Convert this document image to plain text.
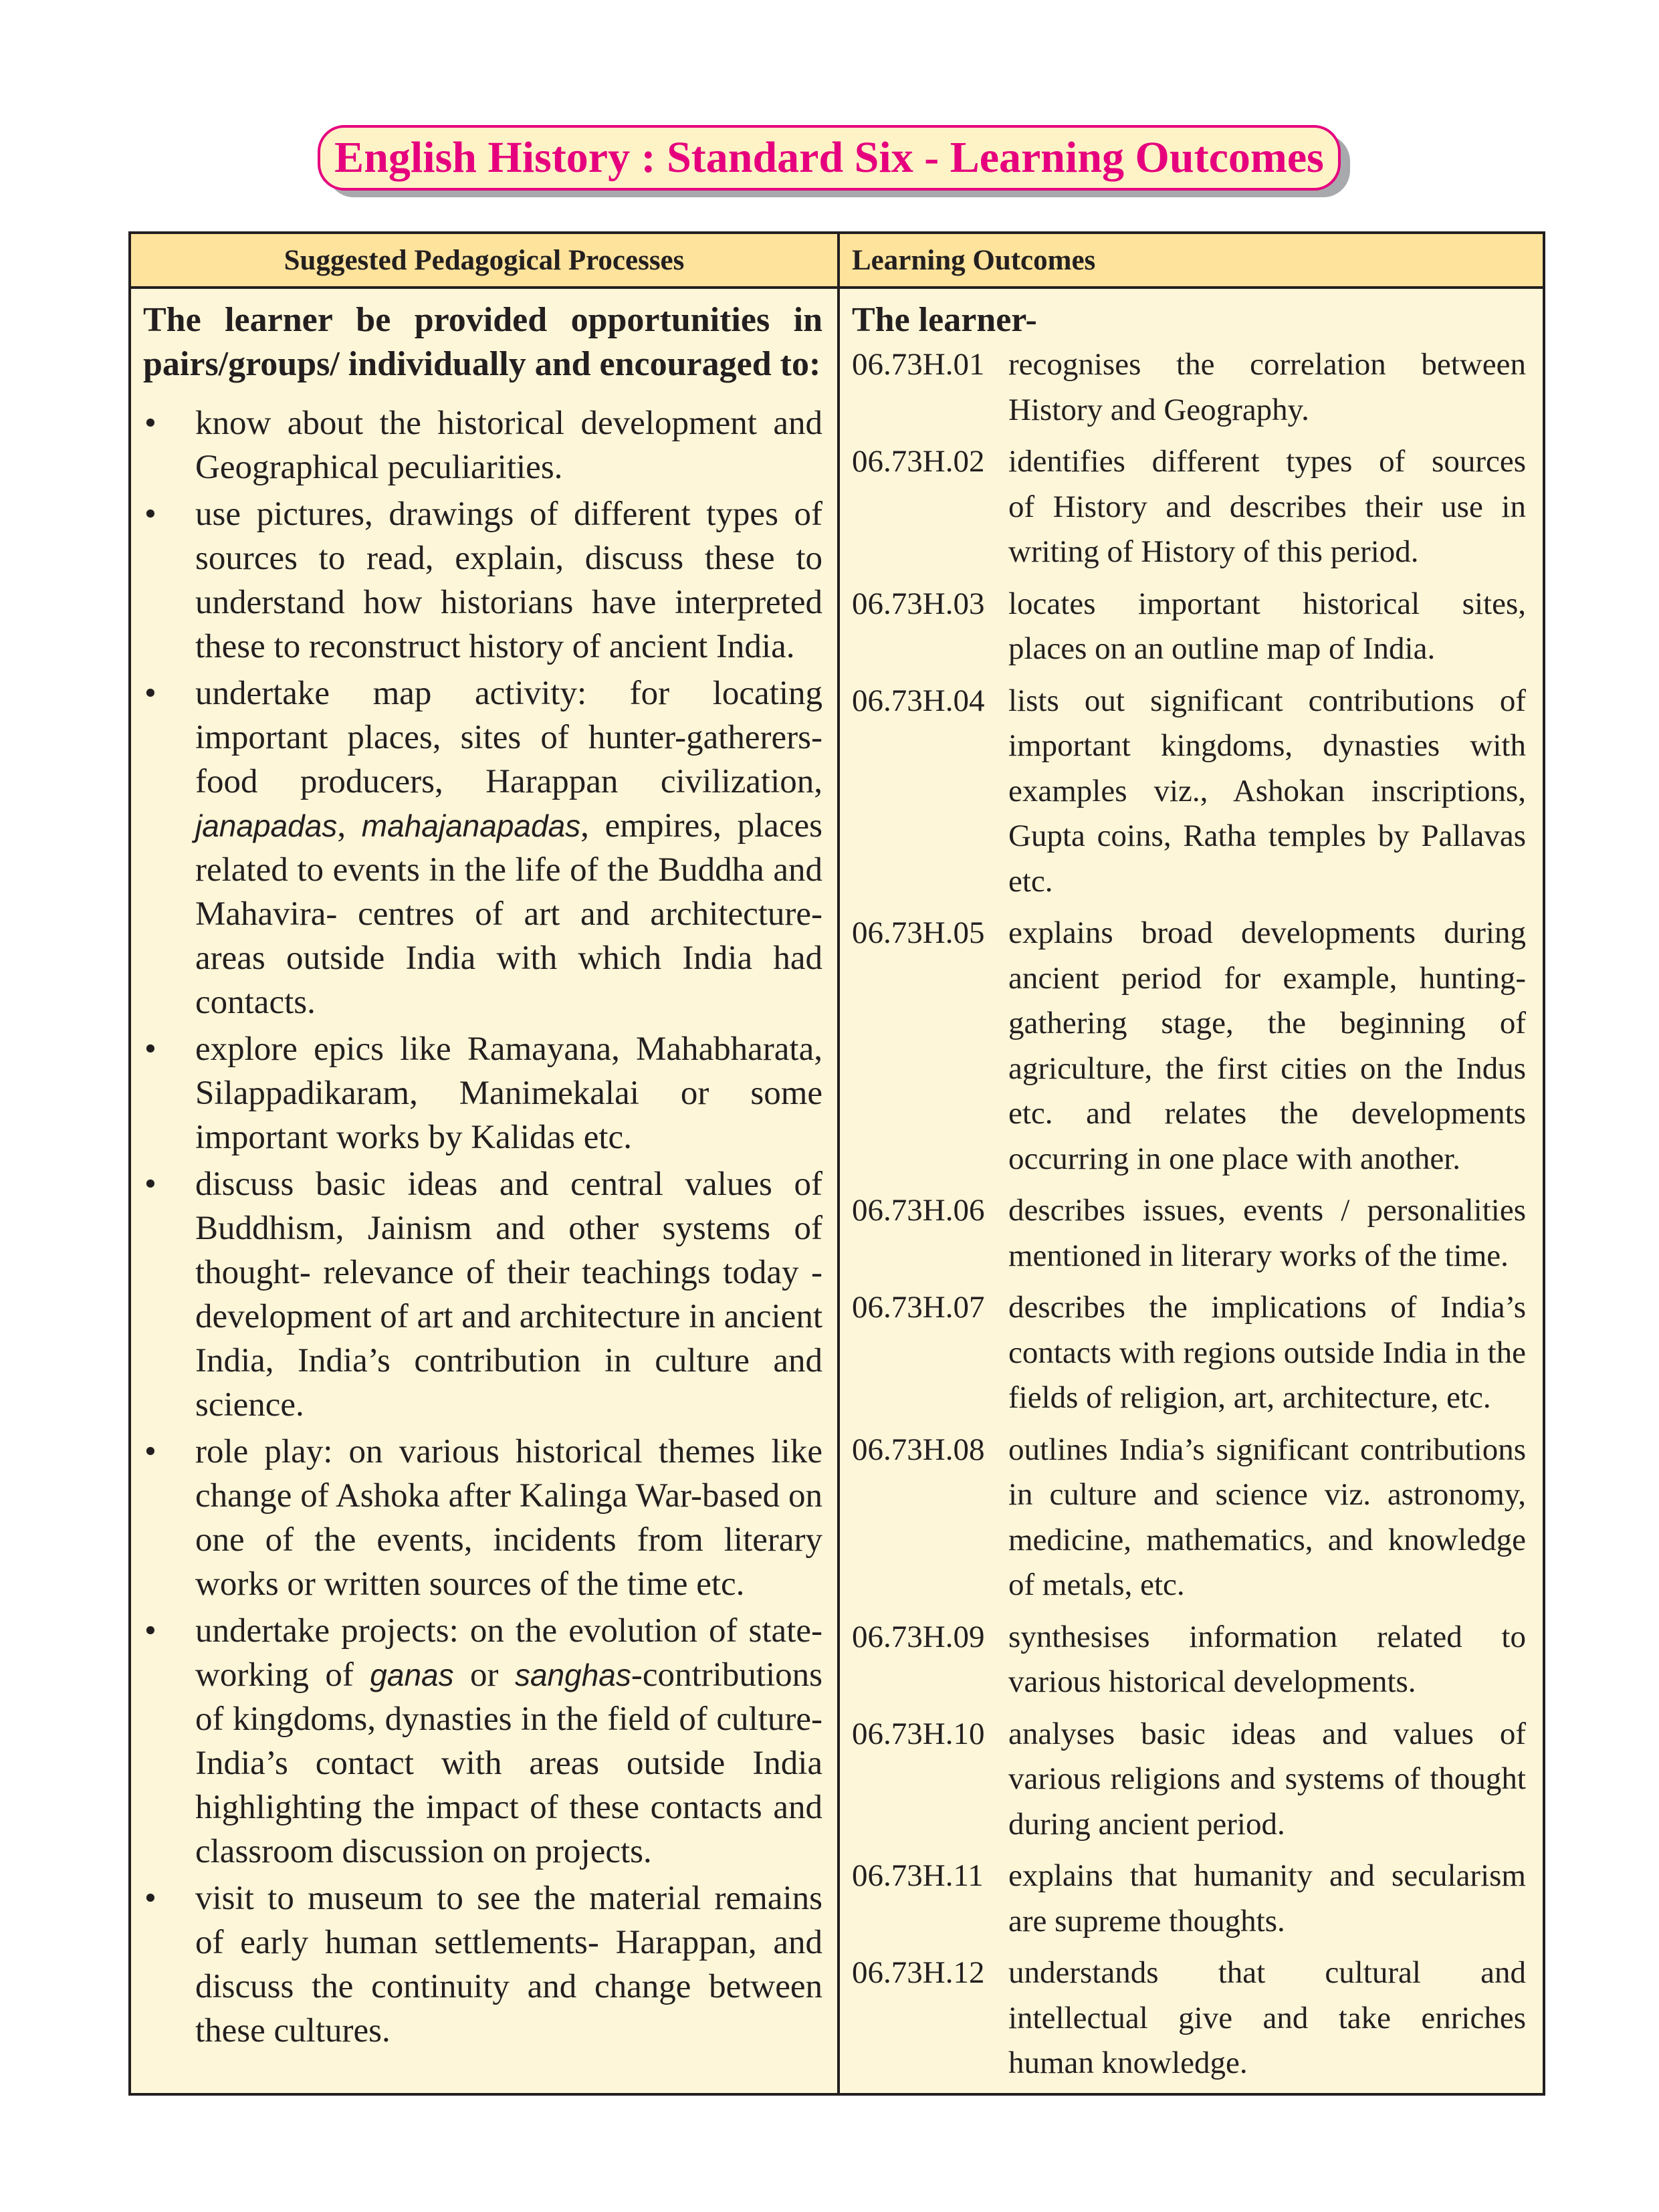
English History : Standard Six - Learning Outcomes
Suggested Pedagogical Processes	Learning Outcomes

The learner be provided opportunities in pairs/groups/ individually and encouraged to:

• know about the historical development and Geographical peculiarities.
• use pictures, drawings of different types of sources to read, explain, discuss these to understand how historians have interpreted these to reconstruct history of ancient India.
• undertake map activity: for locating important places, sites of hunter-gatherers-food producers, Harappan civilization, janapadas, mahajanapadas, empires, places related to events in the life of the Buddha and Mahavira- centres of art and architecture-areas outside India with which India had contacts.
• explore epics like Ramayana, Mahabharata, Silappadikaram, Manimekalai or some important works by Kalidas etc.
• discuss basic ideas and central values of Buddhism, Jainism and other systems of thought- relevance of their teachings today - development of art and architecture in ancient India, India’s contribution in culture and science.
• role play: on various historical themes like change of Ashoka after Kalinga War-based on one of the events, incidents from literary works or written sources of the time etc.
• undertake projects: on the evolution of state-working of ganas or sanghas-contributions of kingdoms, dynasties in the field of culture-India’s contact with areas outside India highlighting the impact of these contacts and classroom discussion on projects.
• visit to museum to see the material remains of early human settlements- Harappan, and discuss the continuity and change between these cultures.
The learner-
06.73H.01 recognises the correlation between
History and Geography.
06.73H.02 identifies different types of sources
of History and describes their use in writing of History of this period.
06.73H.03 locates important historical sites,
places on an outline map of India.
06.73H.04 lists out significant contributions of
important kingdoms, dynasties with examples viz., Ashokan inscriptions, Gupta coins, Ratha temples by Pallavas etc.
06.73H.05 explains broad developments during
ancient period for example, hunting-gathering stage, the beginning of agriculture, the first cities on the Indus etc. and relates the developments occurring in one place with another.
06.73H.06 describes issues, events / personalities
mentioned in literary works of the time.
06.73H.07 describes the implications of India’s
contacts with regions outside India in the fields of religion, art, architecture, etc.
06.73H.08 outlines India’s significant contributions
in culture and science viz. astronomy, medicine, mathematics, and knowledge of metals, etc.
06.73H.09 synthesises information related to
various historical developments.
06.73H.10 analyses basic ideas and values of
various religions and systems of thought during ancient period.
06.73H.11 explains that humanity and secularism
are supreme thoughts.
06.73H.12 understands that cultural and
intellectual give and take enriches human knowledge.
